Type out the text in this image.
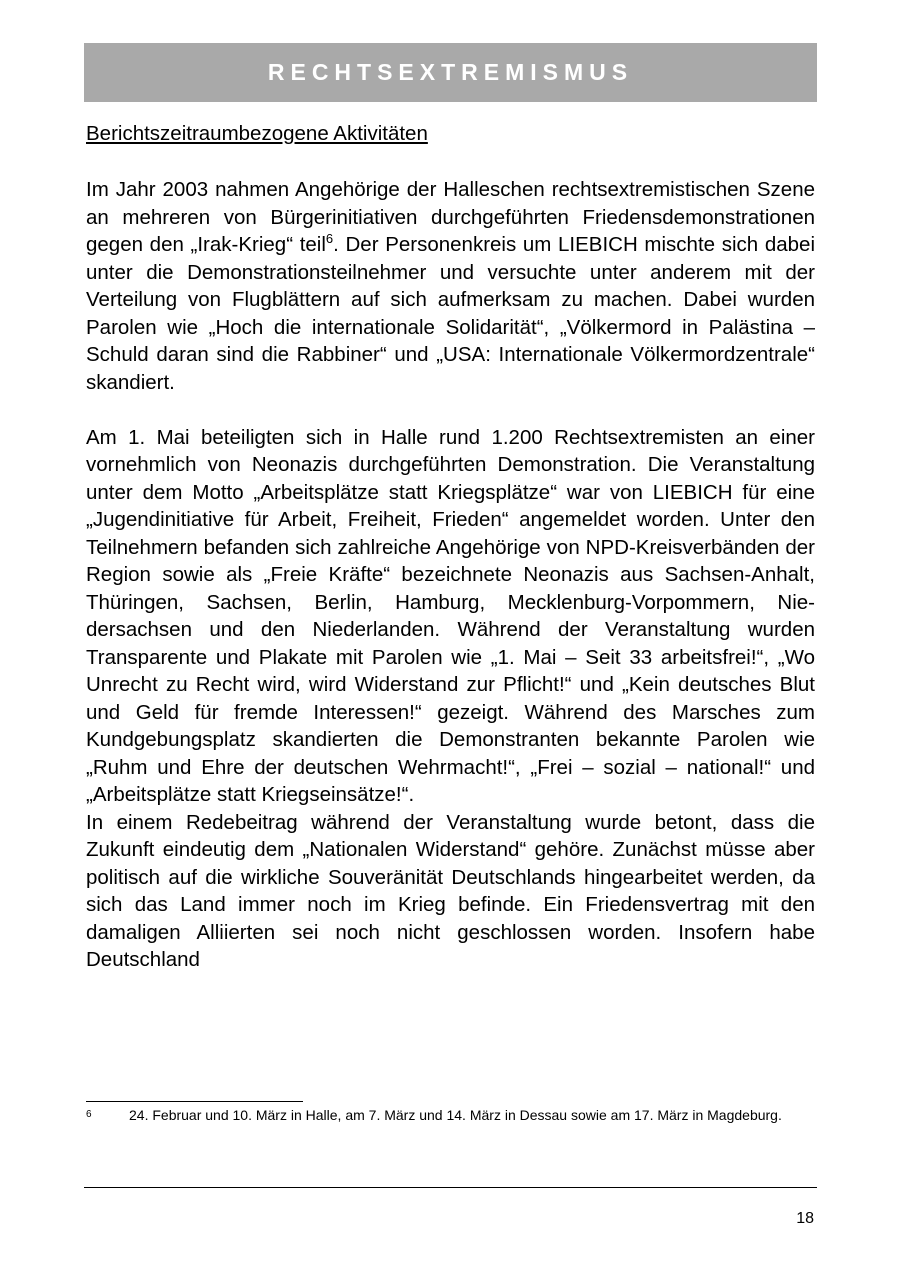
RECHTSEXTREMISMUS

Berichtszeitraumbezogene Aktivitäten

Im Jahr 2003 nahmen Angehörige der Halleschen rechtsextremistischen Szene an mehreren von Bürgerinitiativen durchgeführten Friedensdemonstrationen gegen den „Irak-Krieg“ teil$^6$. Der Personenkreis um LIEBICH mischte sich dabei unter die Demonstrationsteilnehmer und versuchte unter anderem mit der Verteilung von Flugblättern auf sich aufmerksam zu machen. Dabei wurden Parolen wie „Hoch die internationale Solidarität“, „Völkermord in Palästina – Schuld daran sind die Rabbiner“ und „USA: Internationale Völkermordzentrale“ skandiert.

Am 1. Mai beteiligten sich in Halle rund 1.200 Rechtsextremisten an einer vornehmlich von Neonazis durchgeführten Demonstration. Die Veranstaltung unter dem Motto „Arbeitsplätze statt Kriegsplätze“ war von LIEBICH für eine „Jugendinitiative für Arbeit, Freiheit, Frieden“ angemeldet worden. Unter den Teilnehmern befanden sich zahlreiche Angehörige von NPD-Kreisverbänden der Region sowie als „Freie Kräfte“ bezeichnete Neonazis aus Sachsen-Anhalt, Thüringen, Sachsen, Berlin, Hamburg, Mecklenburg-Vorpommern, Niedersachsen und den Niederlanden. Während der Veranstaltung wurden Transparente und Plakate mit Parolen wie „1. Mai – Seit 33 arbeitsfrei!“, „Wo Unrecht zu Recht wird, wird Widerstand zur Pflicht!“ und „Kein deutsches Blut und Geld für fremde Interessen!“ gezeigt. Während des Marsches zum Kundgebungsplatz skandierten die Demonstranten bekannte Parolen wie „Ruhm und Ehre der deutschen Wehrmacht!“, „Frei – sozial – national!“ und „Arbeitsplätze statt Kriegseinsätze!“.

In einem Redebeitrag während der Veranstaltung wurde betont, dass die Zukunft eindeutig dem „Nationalen Widerstand“ gehöre. Zunächst müsse aber politisch auf die wirkliche Souveränität Deutschlands hingearbeitet werden, da sich das Land immer noch im Krieg befinde. Ein Friedensvertrag mit den damaligen Alliierten sei noch nicht geschlossen worden. Insofern habe Deutschland

6	24. Februar und 10. März in Halle, am 7. März und 14. März in Dessau sowie am 17. März in Magdeburg.
18
